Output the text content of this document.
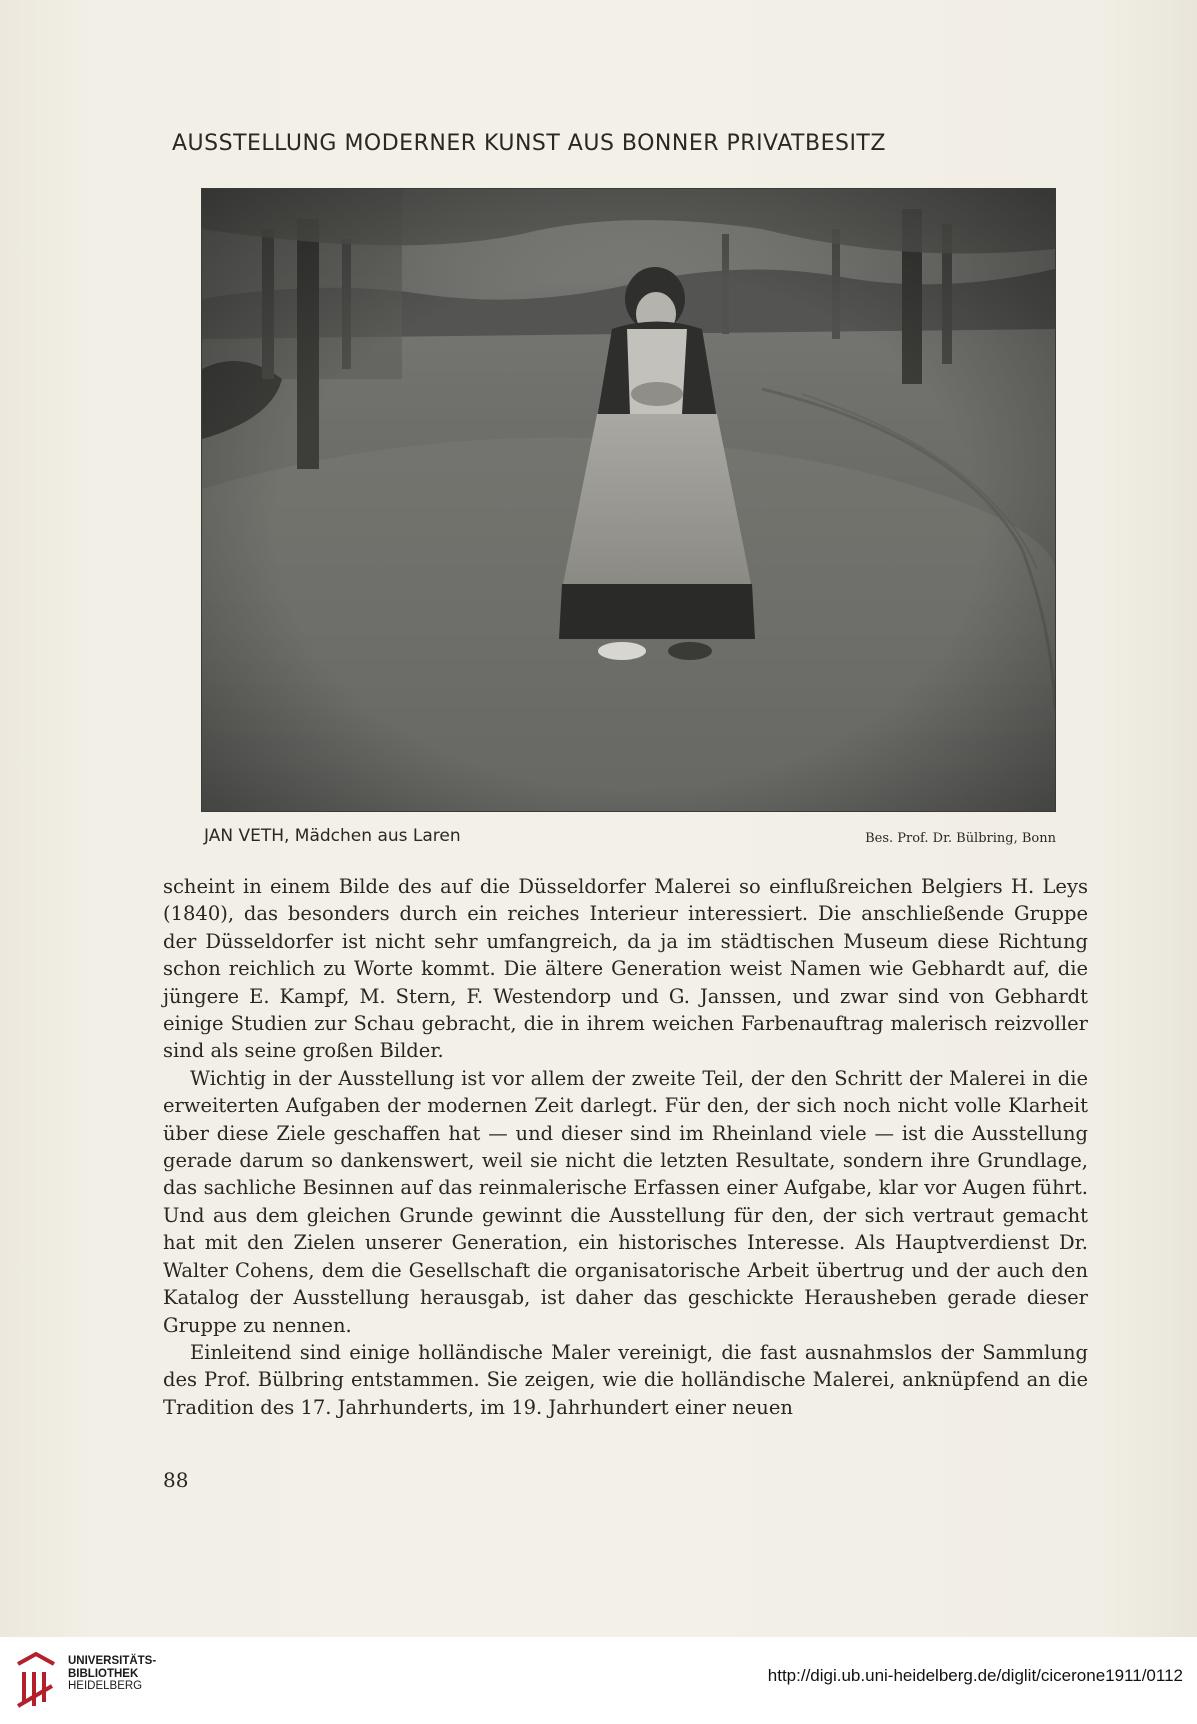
AUSSTELLUNG MODERNER KUNST AUS BONNER PRIVATBESITZ
JAN VETH, Mädchen aus Laren	Bes. Prof. Dr. Bülbring, Bonn

scheint in einem Bilde des auf die Düsseldorfer Malerei so einflußreichen Belgiers H. Leys (1840), das besonders durch ein reiches Interieur interessiert. Die anschließende Gruppe der Düsseldorfer ist nicht sehr umfangreich, da ja im städtischen Museum diese Richtung schon reichlich zu Worte kommt. Die ältere Generation weist Namen wie Gebhardt auf, die jüngere E. Kampf, M. Stern, F. Westendorp und G. Janssen, und zwar sind von Gebhardt einige Studien zur Schau gebracht, die in ihrem weichen Farbenauftrag malerisch reizvoller sind als seine großen Bilder.

Wichtig in der Ausstellung ist vor allem der zweite Teil, der den Schritt der Malerei in die erweiterten Aufgaben der modernen Zeit darlegt. Für den, der sich noch nicht volle Klarheit über diese Ziele geschaffen hat — und dieser sind im Rheinland viele — ist die Ausstellung gerade darum so dankenswert, weil sie nicht die letzten Resultate, sondern ihre Grundlage, das sachliche Besinnen auf das reinmalerische Erfassen einer Aufgabe, klar vor Augen führt. Und aus dem gleichen Grunde gewinnt die Ausstellung für den, der sich vertraut gemacht hat mit den Zielen unserer Generation, ein historisches Interesse. Als Hauptverdienst Dr. Walter Cohens, dem die Gesellschaft die organisatorische Arbeit übertrug und der auch den Katalog der Ausstellung herausgab, ist daher das geschickte Herausheben gerade dieser Gruppe zu nennen.

Einleitend sind einige holländische Maler vereinigt, die fast ausnahmslos der Sammlung des Prof. Bülbring entstammen. Sie zeigen, wie die holländische Malerei, anknüpfend an die Tradition des 17. Jahrhunderts, im 19. Jahrhundert einer neuen

88
UNIVERSITÄTS-
BIBLIOTHEK
HEIDELBERG
http://digi.ub.uni-heidelberg.de/diglit/cicerone1911/0112
